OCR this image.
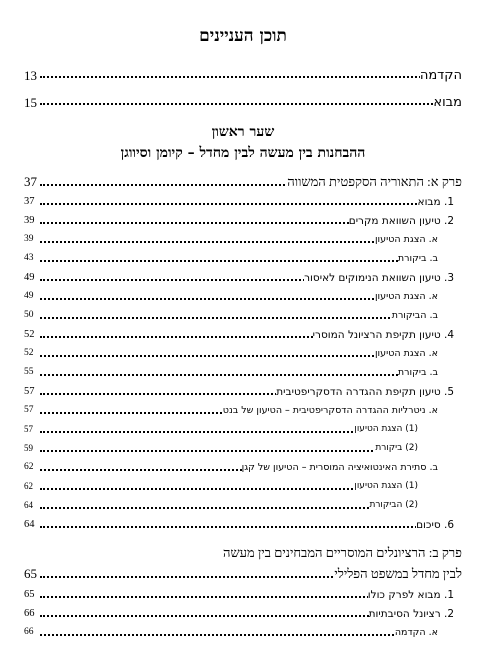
תוכן העניינים
הקדמה
13
מבוא
15
שער ראשון
ההבחנות בין מעשה לבין מחדל – קיומן וסיווגן
פרק א: התאוריה הסקפטית המשווה
37
1. מבוא
37
2. טיעון השוואת מקרים
39
א. הצגת הטיעון
39
ב. ביקורת
43
3. טיעון השוואת הנימוקים לאיסור
49
א. הצגת הטיעון
49
ב. הביקורת
50
4. טיעון תקיפת הרציונל המוסרי
52
א. הצגת הטיעון
52
ב. ביקורת
55
5. טיעון תקיפת ההגדרה הדסקריפטיבית
57
א. ניטרליות ההגדרה הדסקריפטיבית – הטיעון של בנט
57
(1) הצגת הטיעון
57
(2) ביקורת
59
ב. סתירת האינטואיציה המוסרית – הטיעון של קגן
62
(1) הצגת הטיעון
62
(2) הביקורת
64
6. סיכום
64
פרק ב: הרציונלים המוסריים המבחינים בין מעשה
לבין מחדל במשפט הפלילי
65
1. מבוא לפרק כולו
65
2. רציונל הסיבתיות
66
א. הקדמה
66
